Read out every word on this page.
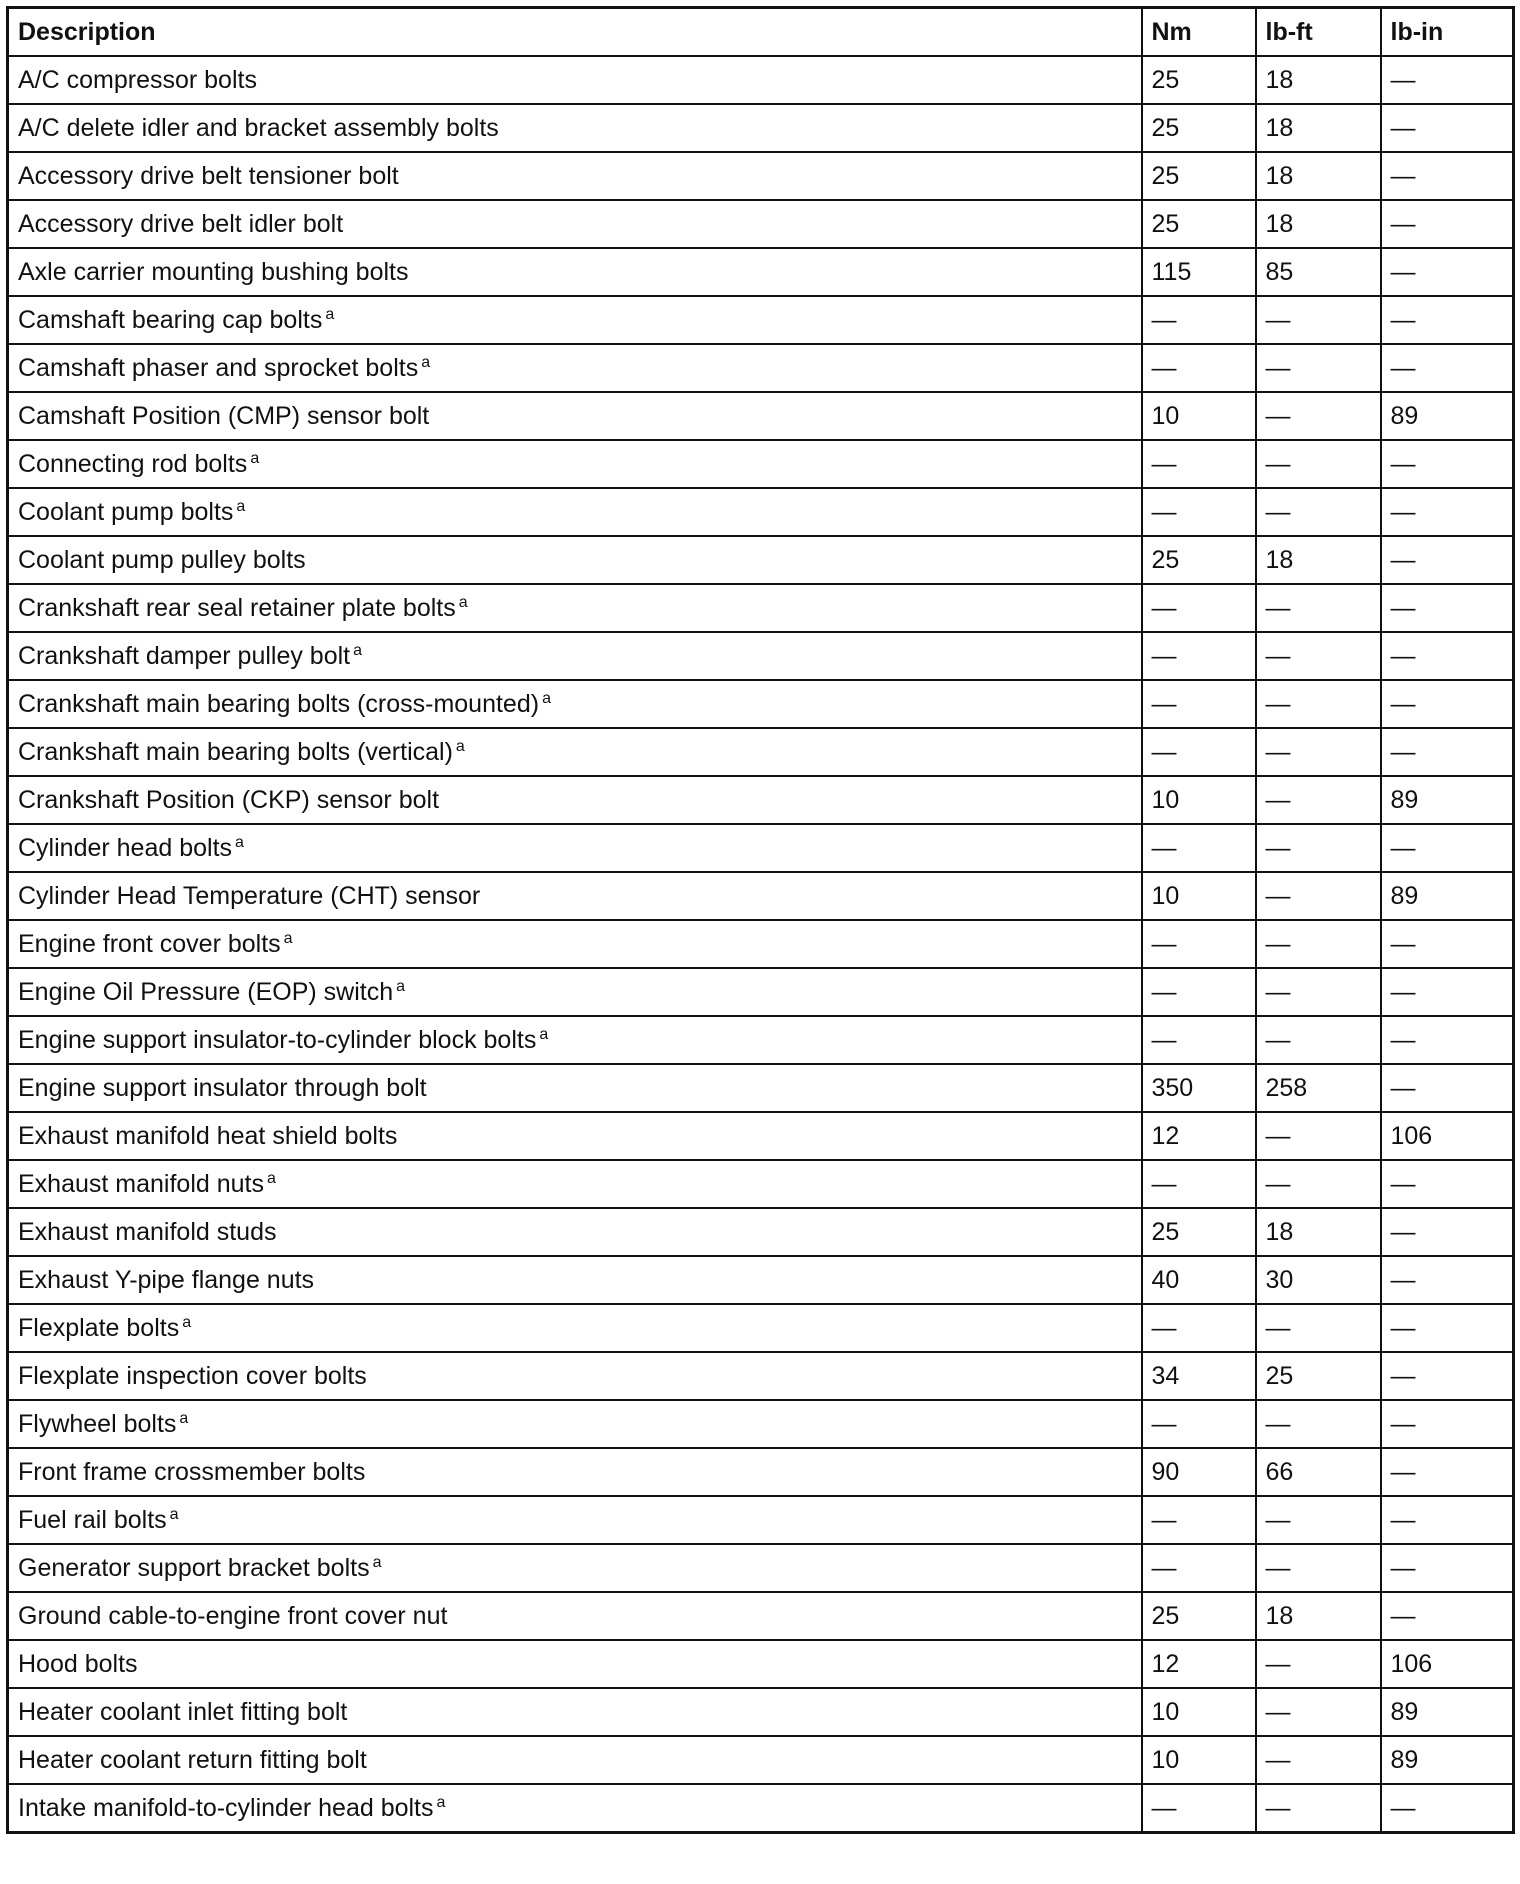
Description	Nm	lb-ft	lb-in
A/C compressor bolts	25	18	—
A/C delete idler and bracket assembly bolts	25	18	—
Accessory drive belt tensioner bolt	25	18	—
Accessory drive belt idler bolt	25	18	—
Axle carrier mounting bushing bolts	115	85	—
Camshaft bearing cap bolts $^a$	—	—	—
Camshaft phaser and sprocket bolts $^a$	—	—	—
Camshaft Position (CMP) sensor bolt	10	—	89
Connecting rod bolts $^a$	—	—	—
Coolant pump bolts $^a$	—	—	—
Coolant pump pulley bolts	25	18	—
Crankshaft rear seal retainer plate bolts $^a$	—	—	—
Crankshaft damper pulley bolt $^a$	—	—	—
Crankshaft main bearing bolts (cross-mounted) $^a$	—	—	—
Crankshaft main bearing bolts (vertical) $^a$	—	—	—
Crankshaft Position (CKP) sensor bolt	10	—	89
Cylinder head bolts $^a$	—	—	—
Cylinder Head Temperature (CHT) sensor	10	—	89
Engine front cover bolts $^a$	—	—	—
Engine Oil Pressure (EOP) switch $^a$	—	—	—
Engine support insulator-to-cylinder block bolts $^a$	—	—	—
Engine support insulator through bolt	350	258	—
Exhaust manifold heat shield bolts	12	—	106
Exhaust manifold nuts $^a$	—	—	—
Exhaust manifold studs	25	18	—
Exhaust Y-pipe flange nuts	40	30	—
Flexplate bolts $^a$	—	—	—
Flexplate inspection cover bolts	34	25	—
Flywheel bolts $^a$	—	—	—
Front frame crossmember bolts	90	66	—
Fuel rail bolts $^a$	—	—	—
Generator support bracket bolts $^a$	—	—	—
Ground cable-to-engine front cover nut	25	18	—
Hood bolts	12	—	106
Heater coolant inlet fitting bolt	10	—	89
Heater coolant return fitting bolt	10	—	89
Intake manifold-to-cylinder head bolts $^a$	—	—	—
